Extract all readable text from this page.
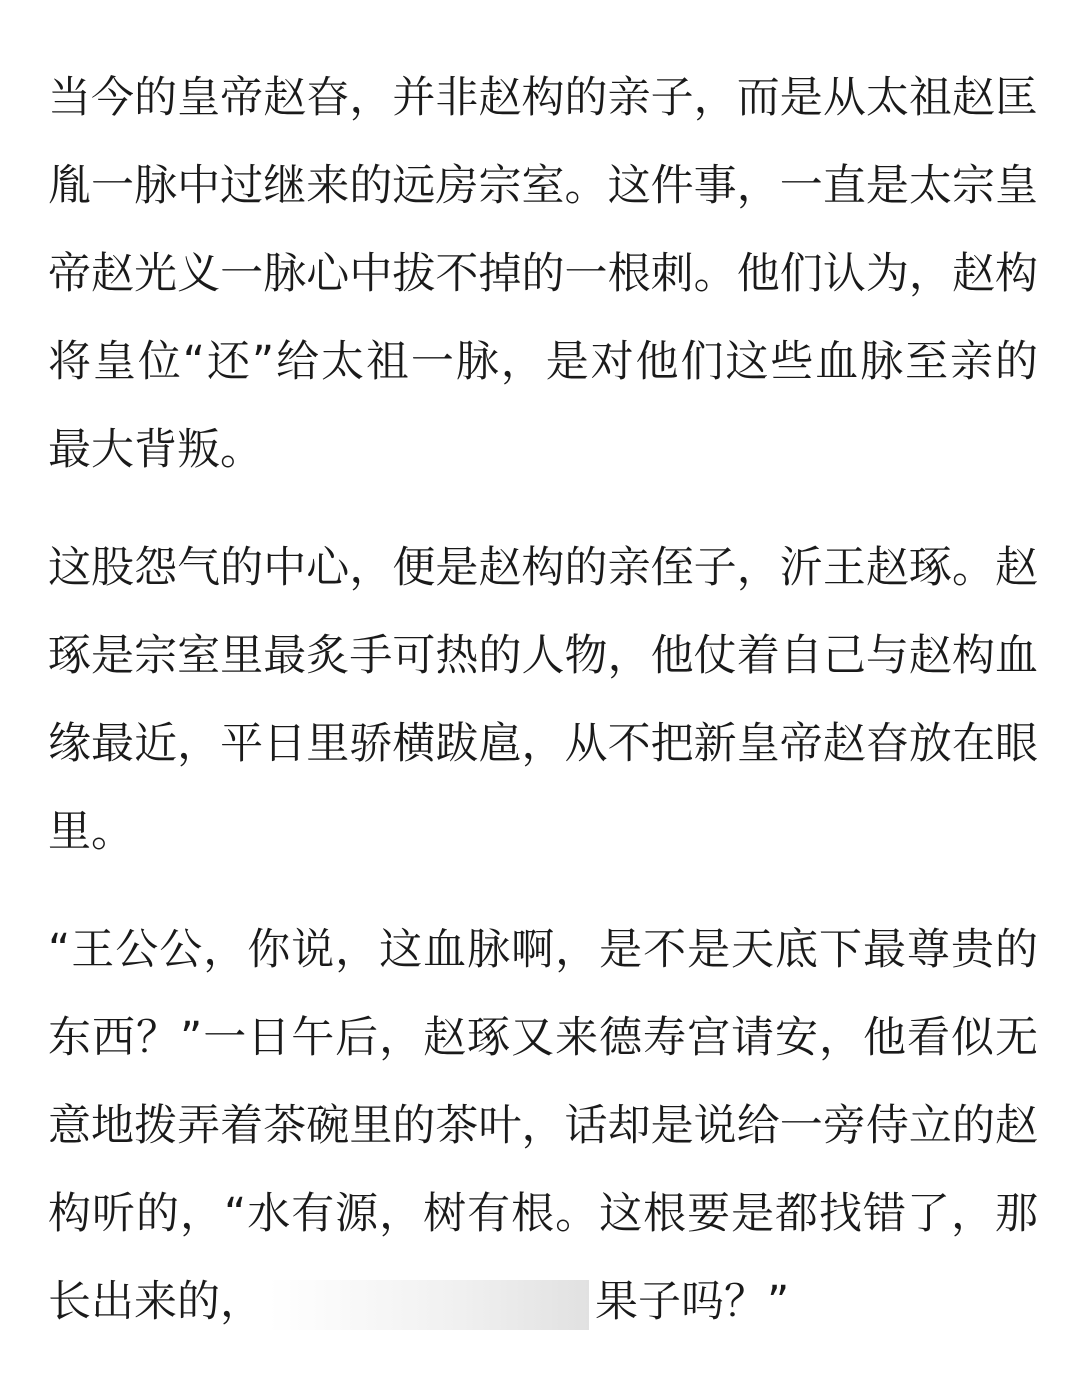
当今的皇帝赵昚，并非赵构的亲子，而是从太祖赵匡胤一脉中过继来的远房宗室。这件事，一直是太宗皇帝赵光义一脉心中拔不掉的一根刺。他们认为，赵构将皇位“还”给太祖一脉，是对他们这些血脉至亲的最大背叛。

这股怨气的中心，便是赵构的亲侄子，沂王赵琢。赵琢是宗室里最炙手可热的人物，他仗着自己与赵构血缘最近，平日里骄横跋扈，从不把新皇帝赵昚放在眼里。

“王公公，你说，这血脉啊，是不是天底下最尊贵的东西？”一日午后，赵琢又来德寿宫请安，他看似无意地拨弄着茶碗里的茶叶，话却是说给一旁侍立的赵构听的，“水有源，树有根。这根要是都找错了，那长出来的，	果子吗？”
